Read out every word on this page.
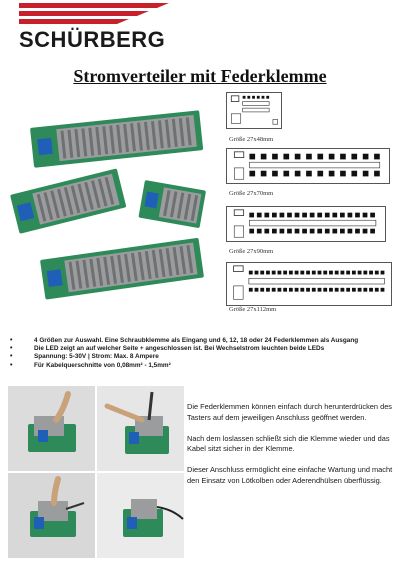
SCHÜRBERG
Stromverteiler mit Federklemme
Größe 27x48mm
Größe 27x70mm
Größe 27x90mm
Größe 27x112mm
• 4 Größen zur Auswahl. Eine Schraubklemme als Eingang und 6, 12, 18 oder 24 Federklemmen als Ausgang
• Die LED zeigt an auf welcher Seite + angeschlossen ist. Bei Wechselstrom leuchten beide LEDs
• Spannung: 5-30V | Strom: Max. 8 Ampere
• Für Kabelquerschnitte von 0,08mm² - 1,5mm²

Die Federklemmen können einfach durch herunterdrücken des Tasters auf dem jeweiligen Anschluss geöffnet werden.

Nach dem loslassen schließt sich die Klemme wieder und das Kabel sitzt sicher in der Klemme.

Dieser Anschluss ermöglicht eine einfache Wartung und macht den Einsatz von Lötkolben oder Aderendhülsen überflüssig.
